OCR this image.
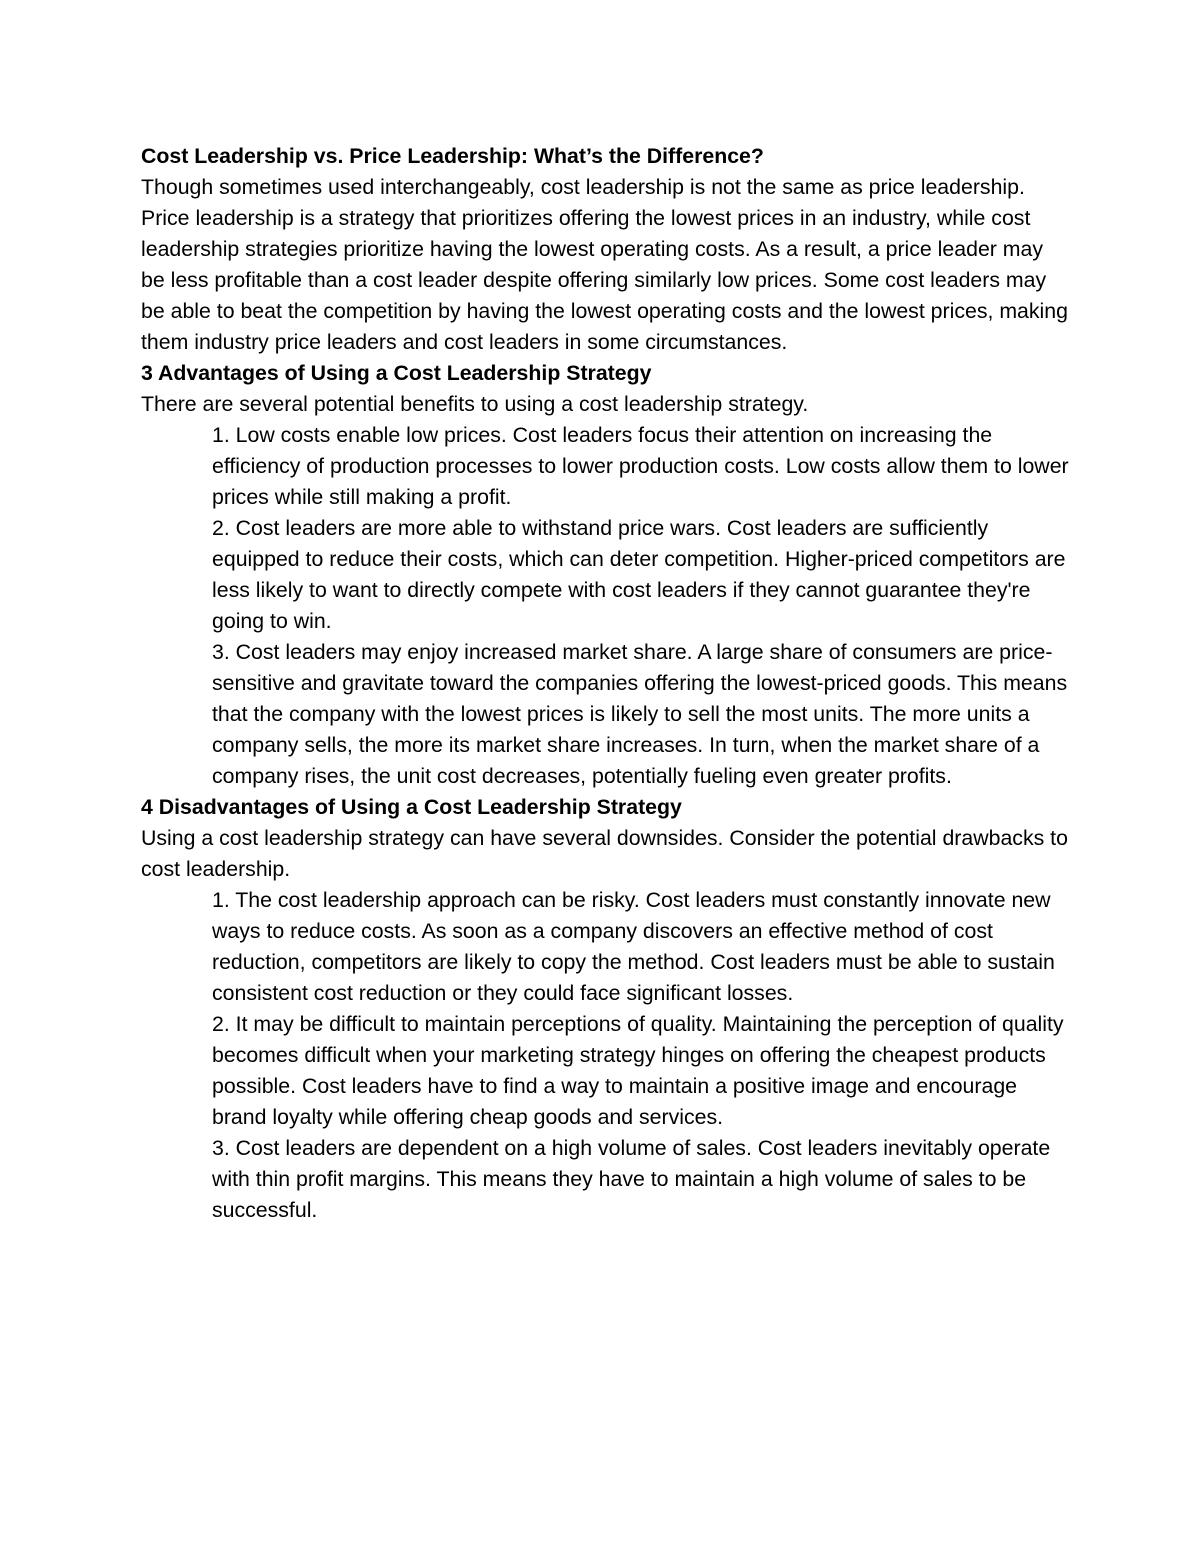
Cost Leadership vs. Price Leadership: What’s the Difference?

Though sometimes used interchangeably, cost leadership is not the same as price leadership. Price leadership is a strategy that prioritizes offering the lowest prices in an industry, while cost leadership strategies prioritize having the lowest operating costs. As a result, a price leader may be less profitable than a cost leader despite offering similarly low prices. Some cost leaders may be able to beat the competition by having the lowest operating costs and the lowest prices, making them industry price leaders and cost leaders in some circumstances.

3 Advantages of Using a Cost Leadership Strategy

There are several potential benefits to using a cost leadership strategy.

1. Low costs enable low prices. Cost leaders focus their attention on increasing the efficiency of production processes to lower production costs. Low costs allow them to lower prices while still making a profit.
2. Cost leaders are more able to withstand price wars. Cost leaders are sufficiently equipped to reduce their costs, which can deter competition. Higher-priced competitors are less likely to want to directly compete with cost leaders if they cannot guarantee they're going to win.
3. Cost leaders may enjoy increased market share. A large share of consumers are price-sensitive and gravitate toward the companies offering the lowest-priced goods. This means that the company with the lowest prices is likely to sell the most units. The more units a company sells, the more its market share increases. In turn, when the market share of a company rises, the unit cost decreases, potentially fueling even greater profits.

4 Disadvantages of Using a Cost Leadership Strategy

Using a cost leadership strategy can have several downsides. Consider the potential drawbacks to cost leadership.

1. The cost leadership approach can be risky. Cost leaders must constantly innovate new ways to reduce costs. As soon as a company discovers an effective method of cost reduction, competitors are likely to copy the method. Cost leaders must be able to sustain consistent cost reduction or they could face significant losses.
2. It may be difficult to maintain perceptions of quality. Maintaining the perception of quality becomes difficult when your marketing strategy hinges on offering the cheapest products possible. Cost leaders have to find a way to maintain a positive image and encourage brand loyalty while offering cheap goods and services.
3. Cost leaders are dependent on a high volume of sales. Cost leaders inevitably operate with thin profit margins. This means they have to maintain a high volume of sales to be successful.
